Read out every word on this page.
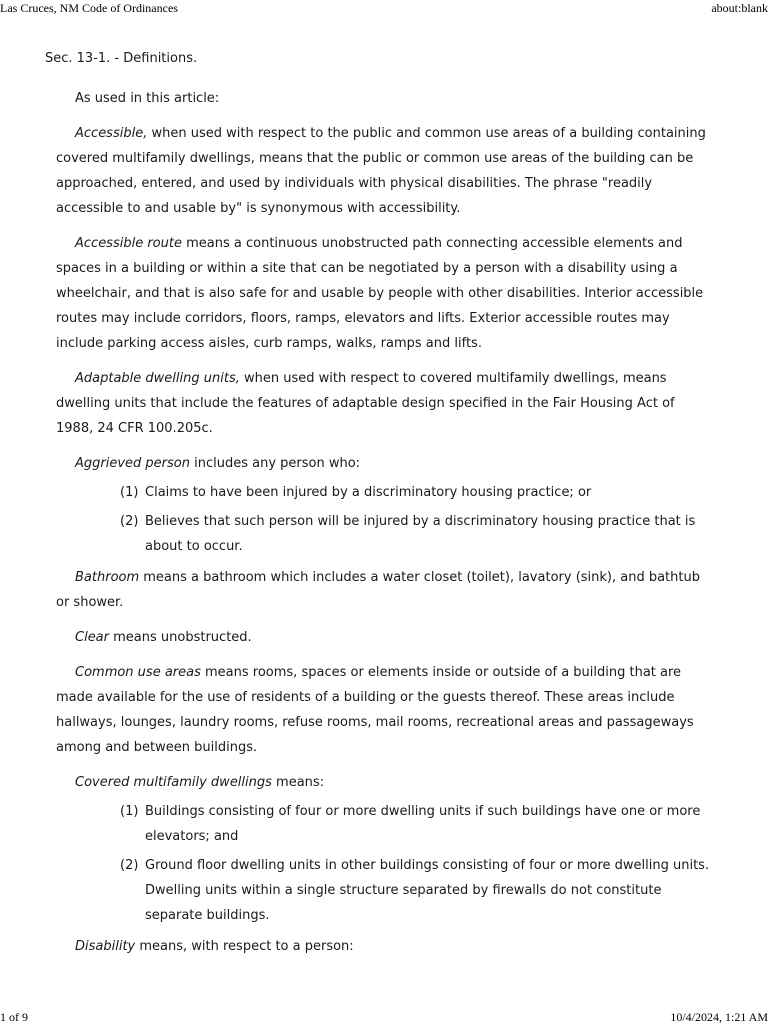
Las Cruces, NM Code of Ordinances	about:blank
Sec. 13-1. - Definitions.

As used in this article:

Accessible, when used with respect to the public and common use areas of a building containing covered multifamily dwellings, means that the public or common use areas of the building can be approached, entered, and used by individuals with physical disabilities. The phrase "readily accessible to and usable by" is synonymous with accessibility.

Accessible route means a continuous unobstructed path connecting accessible elements and spaces in a building or within a site that can be negotiated by a person with a disability using a wheelchair, and that is also safe for and usable by people with other disabilities. Interior accessible routes may include corridors, floors, ramps, elevators and lifts. Exterior accessible routes may include parking access aisles, curb ramps, walks, ramps and lifts.

Adaptable dwelling units, when used with respect to covered multifamily dwellings, means dwelling units that include the features of adaptable design specified in the Fair Housing Act of 1988, 24 CFR 100.205c.

Aggrieved person includes any person who:

(1) Claims to have been injured by a discriminatory housing practice; or
(2) Believes that such person will be injured by a discriminatory housing practice that is about to occur.

Bathroom means a bathroom which includes a water closet (toilet), lavatory (sink), and bathtub or shower.

Clear means unobstructed.

Common use areas means rooms, spaces or elements inside or outside of a building that are made available for the use of residents of a building or the guests thereof. These areas include hallways, lounges, laundry rooms, refuse rooms, mail rooms, recreational areas and passageways among and between buildings.

Covered multifamily dwellings means:

(1) Buildings consisting of four or more dwelling units if such buildings have one or more elevators; and
(2) Ground floor dwelling units in other buildings consisting of four or more dwelling units. Dwelling units within a single structure separated by firewalls do not constitute separate buildings.

Disability means, with respect to a person:

1 of 9	10/4/2024, 1:21 AM
